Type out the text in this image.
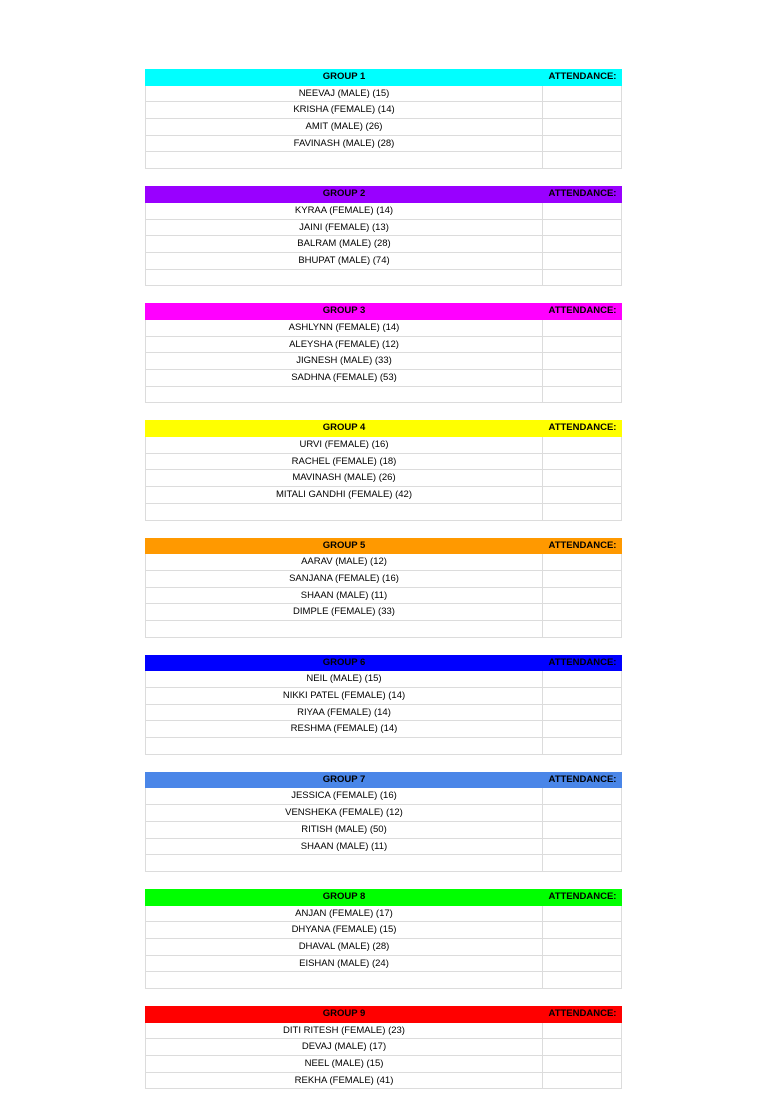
GROUP 1	ATTENDANCE:
NEEVAJ (MALE) (15)
KRISHA (FEMALE) (14)
AMIT (MALE) (26)
FAVINASH (MALE) (28)
GROUP 2	ATTENDANCE:
KYRAA (FEMALE) (14)
JAINI (FEMALE) (13)
BALRAM (MALE) (28)
BHUPAT (MALE) (74)
GROUP 3	ATTENDANCE:
ASHLYNN (FEMALE) (14)
ALEYSHA (FEMALE) (12)
JIGNESH (MALE) (33)
SADHNA (FEMALE) (53)
GROUP 4	ATTENDANCE:
URVI (FEMALE) (16)
RACHEL (FEMALE) (18)
MAVINASH (MALE) (26)
MITALI GANDHI (FEMALE) (42)
GROUP 5	ATTENDANCE:
AARAV (MALE) (12)
SANJANA (FEMALE) (16)
SHAAN (MALE) (11)
DIMPLE (FEMALE) (33)
GROUP 6	ATTENDANCE:
NEIL (MALE) (15)
NIKKI PATEL (FEMALE) (14)
RIYAA (FEMALE) (14)
RESHMA (FEMALE) (14)
GROUP 7	ATTENDANCE:
JESSICA (FEMALE) (16)
VENSHEKA (FEMALE) (12)
RITISH (MALE) (50)
SHAAN (MALE) (11)
GROUP 8	ATTENDANCE:
ANJAN (FEMALE) (17)
DHYANA (FEMALE) (15)
DHAVAL (MALE) (28)
EISHAN (MALE) (24)
GROUP 9	ATTENDANCE:
DITI RITESH (FEMALE) (23)
DEVAJ (MALE) (17)
NEEL (MALE) (15)
REKHA (FEMALE) (41)
